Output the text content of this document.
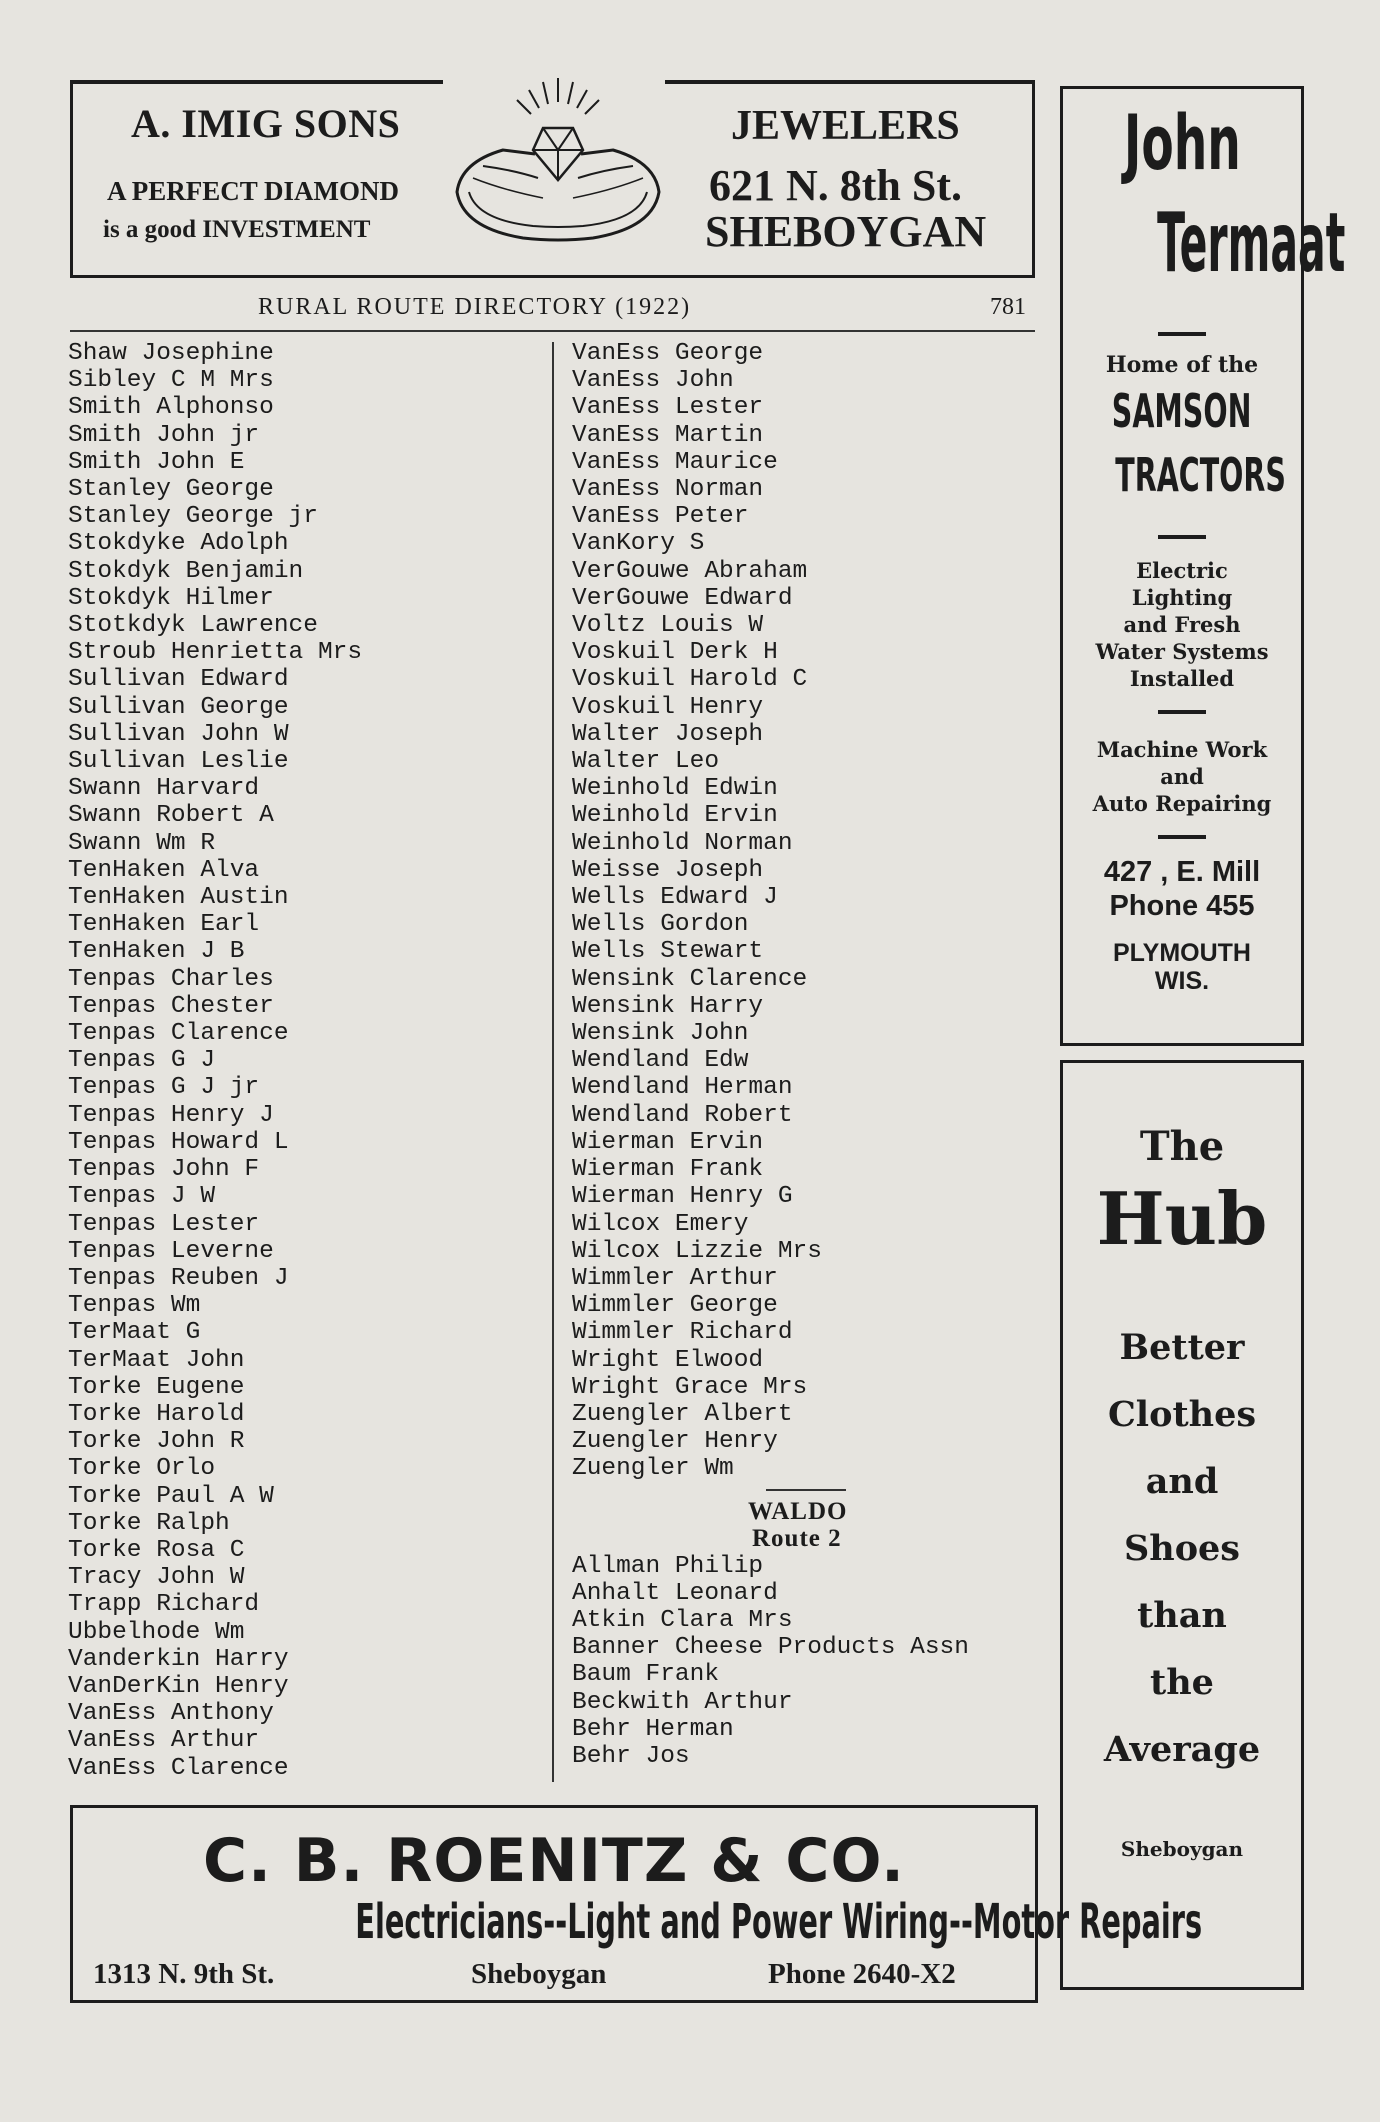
A. IMIG SONS
A PERFECT DIAMOND
is a good INVESTMENT
JEWELERS
621 N. 8th St.
SHEBOYGAN
RURAL ROUTE DIRECTORY (1922)	781
Shaw Josephine
Sibley C M Mrs
Smith Alphonso
Smith John jr
Smith John E
Stanley George
Stanley George jr
Stokdyke Adolph
Stokdyk Benjamin
Stokdyk Hilmer
Stotkdyk Lawrence
Stroub Henrietta Mrs
Sullivan Edward
Sullivan George
Sullivan John W
Sullivan Leslie
Swann Harvard
Swann Robert A
Swann Wm R
TenHaken Alva
TenHaken Austin
TenHaken Earl
TenHaken J B
Tenpas Charles
Tenpas Chester
Tenpas Clarence
Tenpas G J
Tenpas G J jr
Tenpas Henry J
Tenpas Howard L
Tenpas John F
Tenpas J W
Tenpas Lester
Tenpas Leverne
Tenpas Reuben J
Tenpas Wm
TerMaat G
TerMaat John
Torke Eugene
Torke Harold
Torke John R
Torke Orlo
Torke Paul A W
Torke Ralph
Torke Rosa C
Tracy John W
Trapp Richard
Ubbelhode Wm
Vanderkin Harry
VanDerKin Henry
VanEss Anthony
VanEss Arthur
VanEss Clarence
VanEss George
VanEss John
VanEss Lester
VanEss Martin
VanEss Maurice
VanEss Norman
VanEss Peter
VanKory S
VerGouwe Abraham
VerGouwe Edward
Voltz Louis W
Voskuil Derk H
Voskuil Harold C
Voskuil Henry
Walter Joseph
Walter Leo
Weinhold Edwin
Weinhold Ervin
Weinhold Norman
Weisse Joseph
Wells Edward J
Wells Gordon
Wells Stewart
Wensink Clarence
Wensink Harry
Wensink John
Wendland Edw
Wendland Herman
Wendland Robert
Wierman Ervin
Wierman Frank
Wierman Henry G
Wilcox Emery
Wilcox Lizzie Mrs
Wimmler Arthur
Wimmler George
Wimmler Richard
Wright Elwood
Wright Grace Mrs
Zuengler Albert
Zuengler Henry
Zuengler Wm
WALDO
Route 2
Allman Philip
Anhalt Leonard
Atkin Clara Mrs
Banner Cheese Products Assn
Baum Frank
Beckwith Arthur
Behr Herman
Behr Jos
John
Termaat
Home of the
SAMSON
TRACTORS
Electric
Lighting
and Fresh
Water Systems
Installed
Machine Work
and
Auto Repairing
427 , E. Mill
Phone 455
PLYMOUTH
WIS.
The
Hub
Better
Clothes
and
Shoes
than
the
Average
Sheboygan
C. B. ROENITZ & CO.
Electricians--Light and Power Wiring--Motor Repairs
1313 N. 9th St.	Sheboygan	Phone 2640-X2
